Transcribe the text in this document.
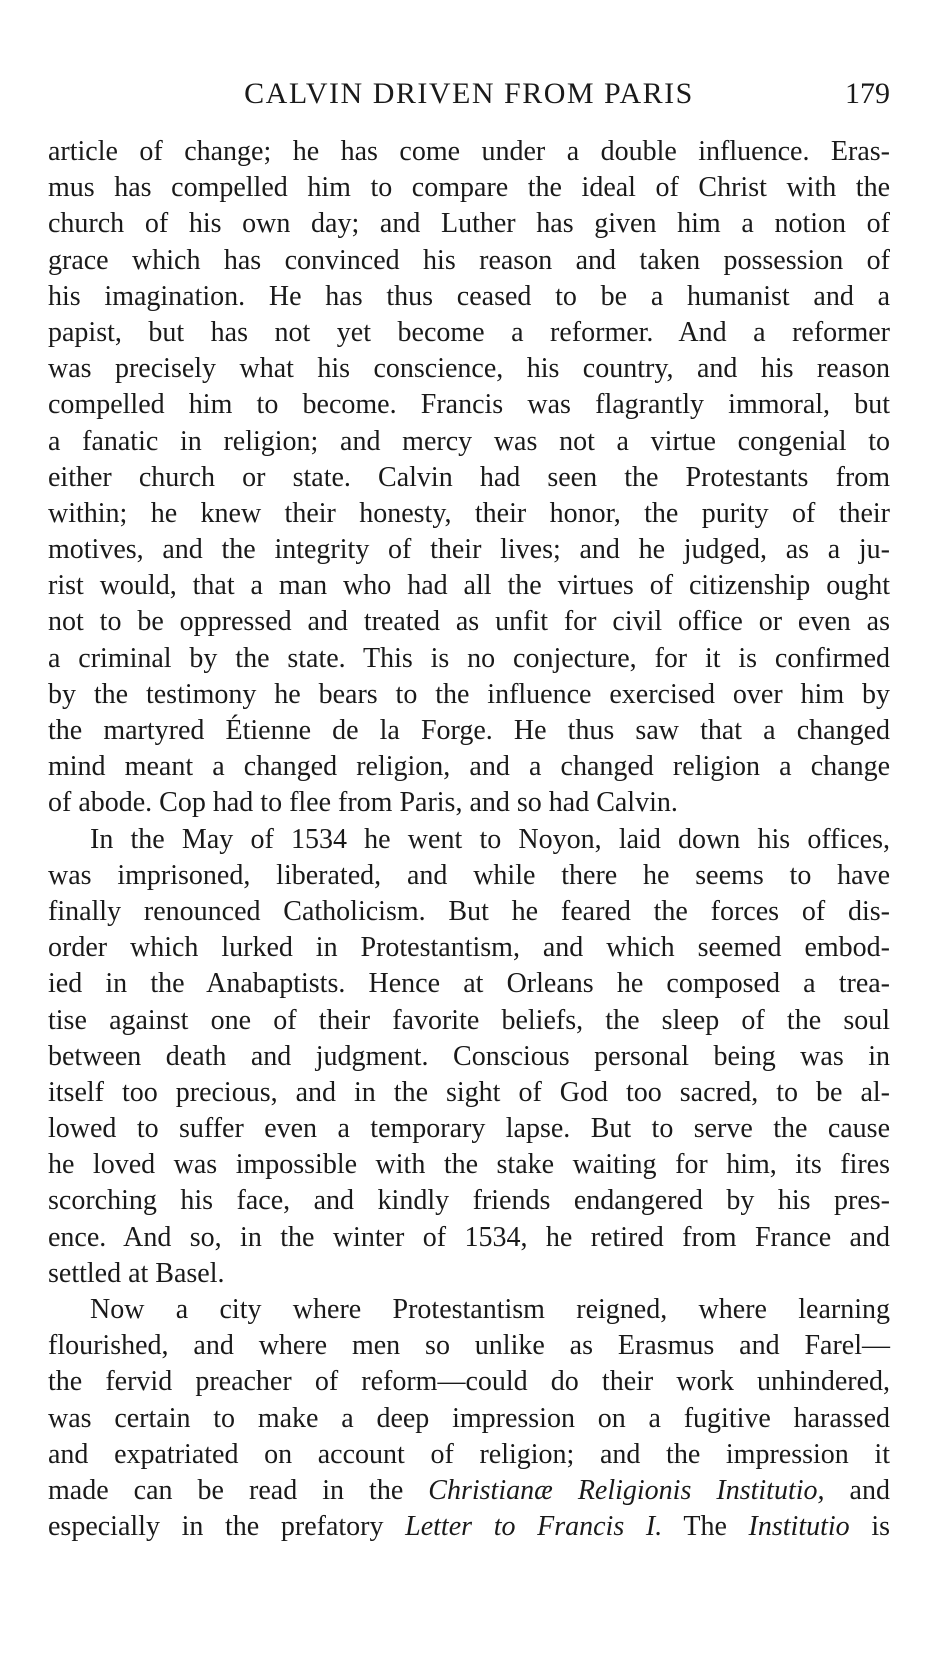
CALVIN DRIVEN FROM PARIS	179
article of change; he has come under a double influence. Eras-
mus has compelled him to compare the ideal of Christ with the
church of his own day; and Luther has given him a notion of
grace which has convinced his reason and taken possession of
his imagination. He has thus ceased to be a humanist and a
papist, but has not yet become a reformer. And a reformer
was precisely what his conscience, his country, and his reason
compelled him to become. Francis was flagrantly immoral, but
a fanatic in religion; and mercy was not a virtue congenial to
either church or state. Calvin had seen the Protestants from
within; he knew their honesty, their honor, the purity of their
motives, and the integrity of their lives; and he judged, as a ju-
rist would, that a man who had all the virtues of citizenship ought
not to be oppressed and treated as unfit for civil office or even as
a criminal by the state. This is no conjecture, for it is confirmed
by the testimony he bears to the influence exercised over him by
the martyred Étienne de la Forge. He thus saw that a changed
mind meant a changed religion, and a changed religion a change
of abode. Cop had to flee from Paris, and so had Calvin.
In the May of 1534 he went to Noyon, laid down his offices,
was imprisoned, liberated, and while there he seems to have
finally renounced Catholicism. But he feared the forces of dis-
order which lurked in Protestantism, and which seemed embod-
ied in the Anabaptists. Hence at Orleans he composed a trea-
tise against one of their favorite beliefs, the sleep of the soul
between death and judgment. Conscious personal being was in
itself too precious, and in the sight of God too sacred, to be al-
lowed to suffer even a temporary lapse. But to serve the cause
he loved was impossible with the stake waiting for him, its fires
scorching his face, and kindly friends endangered by his pres-
ence. And so, in the winter of 1534, he retired from France and
settled at Basel.
Now a city where Protestantism reigned, where learning
flourished, and where men so unlike as Erasmus and Farel—
the fervid preacher of reform—could do their work unhindered,
was certain to make a deep impression on a fugitive harassed
and expatriated on account of religion; and the impression it
made can be read in the Christianæ Religionis Institutio, and
especially in the prefatory Letter to Francis I. The Institutio is
